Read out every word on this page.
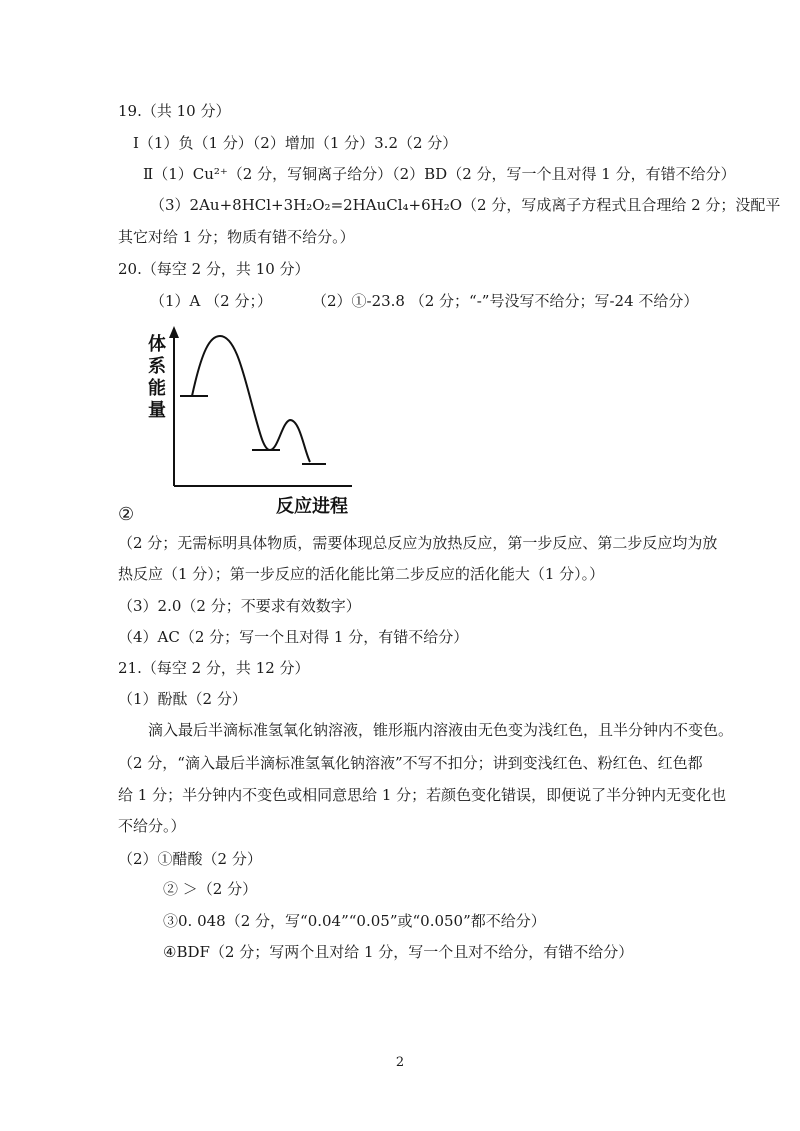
19.（共 10 分）
Ⅰ（1）负（1 分）（2）增加（1 分）3.2（2 分）
Ⅱ（1）Cu²⁺（2 分，写铜离子给分）（2）BD（2 分，写一个且对得 1 分，有错不给分）
（3）2Au+8HCl+3H₂O₂=2HAuCl₄+6H₂O（2 分，写成离子方程式且合理给 2 分；没配平
其它对给 1 分；物质有错不给分。）
20.（每空 2 分，共 10 分）
（1）A （2 分；）	（2）①-23.8 （2 分；“-”号没写不给分；写-24 不给分）
体
系
能
量
反应进程
②
（2 分；无需标明具体物质，需要体现总反应为放热反应，第一步反应、第二步反应均为放
热反应（1 分）；第一步反应的活化能比第二步反应的活化能大（1 分）。）
（3）2.0（2 分；不要求有效数字）
（4）AC（2 分；写一个且对得 1 分，有错不给分）
21.（每空 2 分，共 12 分）
（1）酚酞（2 分）
滴入最后半滴标准氢氧化钠溶液，锥形瓶内溶液由无色变为浅红色，且半分钟内不变色。
（2 分，“滴入最后半滴标准氢氧化钠溶液”不写不扣分；讲到变浅红色、粉红色、红色都
给 1 分；半分钟内不变色或相同意思给 1 分；若颜色变化错误，即便说了半分钟内无变化也
不给分。）
（2）①醋酸（2 分）
② ＞（2 分）
③0. 048（2 分，写“0.04”“0.05”或“0.050”都不给分）
④BDF（2 分；写两个且对给 1 分，写一个且对不给分，有错不给分）
2
